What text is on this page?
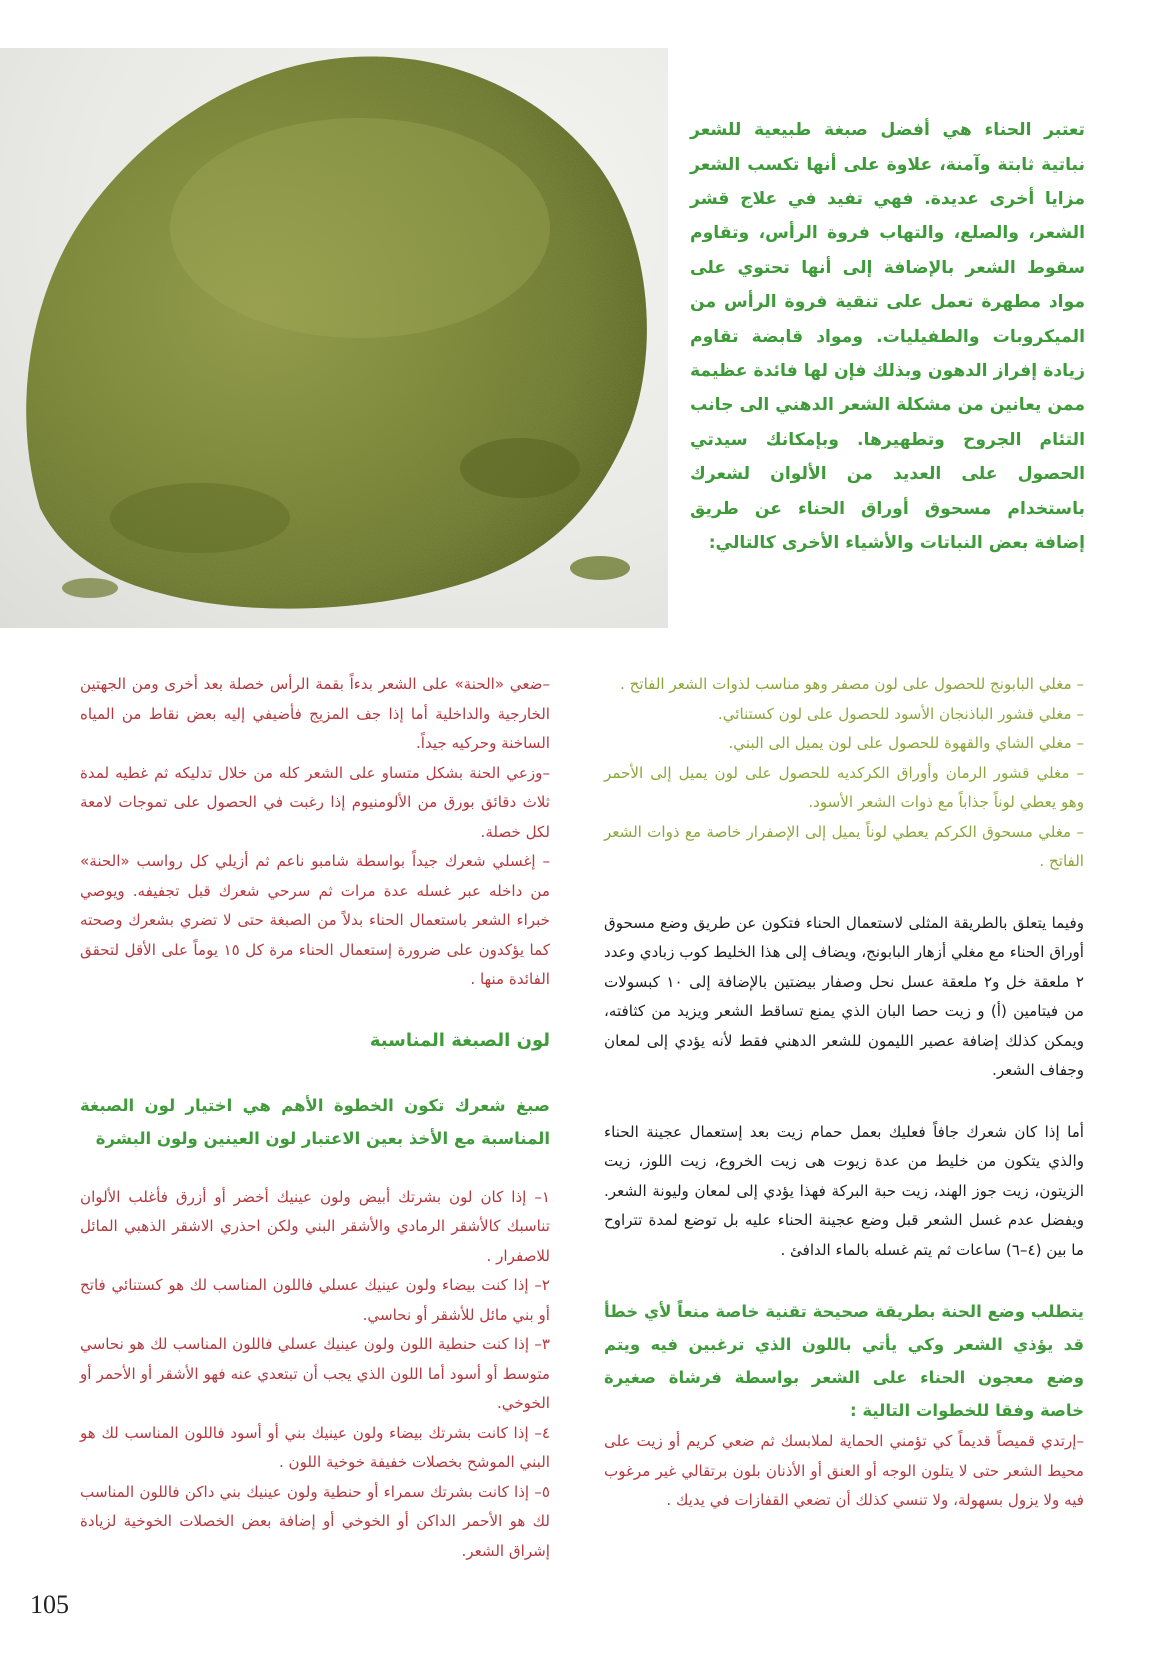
تعتبر الحناء هي أفضل صبغة طبيعية للشعر نباتية ثابتة وآمنة، علاوة على أنها تكسب الشعر مزايا أخرى عديدة. فهي تفيد في علاج قشر الشعر، والصلع، والتهاب فروة الرأس، وتقاوم سقوط الشعر بالإضافة إلى أنها تحتوي على مواد مطهرة تعمل على تنقية فروة الرأس من الميكروبات والطفيليات. ومواد قابضة تقاوم زيادة إفراز الدهون وبذلك فإن لها فائدة عظيمة ممن يعانين من مشكلة الشعر الدهني الى جانب التئام الجروح وتطهيرها. وبإمكانك سيدتي الحصول على العديد من الألوان لشعرك باستخدام مسحوق أوراق الحناء عن طريق إضافة بعض النباتات والأشياء الأخرى كالتالي:

– مغلي البابونج للحصول على لون مصفر وهو مناسب لذوات الشعر الفاتح .

– مغلي قشور الباذنجان الأسود للحصول على لون كستنائي.

– مغلي الشاي والقهوة للحصول على لون يميل الى البني.

– مغلي قشور الرمان وأوراق الكركديه للحصول على لون يميل إلى الأحمر وهو يعطي لوناً جذاباً مع ذوات الشعر الأسود.

– مغلي مسحوق الكركم يعطي لوناً يميل إلى الإصفرار خاصة مع ذوات الشعر الفاتح .

وفيما يتعلق بالطريقة المثلى لاستعمال الحناء فتكون عن طريق وضع مسحوق أوراق الحناء مع مغلي أزهار البابونج، ويضاف إلى هذا الخليط كوب زبادي وعدد ٢ ملعقة خل و٢ ملعقة عسل نحل وصفار بيضتين بالإضافة إلى ١٠ كبسولات من فيتامين (أ) و زيت حصا البان الذي يمنع تساقط الشعر ويزيد من كثافته، ويمكن كذلك إضافة عصير الليمون للشعر الدهني فقط لأنه يؤدي إلى لمعان وجفاف الشعر.

أما إذا كان شعرك جافاً فعليك بعمل حمام زيت بعد إستعمال عجينة الحناء والذي يتكون من خليط من عدة زيوت هى زيت الخروع، زيت اللوز، زيت الزيتون، زيت جوز الهند، زيت حبة البركة فهذا يؤدي إلى لمعان وليونة الشعر. ويفضل عدم غسل الشعر قبل وضع عجينة الحناء عليه بل توضع لمدة تتراوح ما بين (٤–٦) ساعات ثم يتم غسله بالماء الدافئ .

يتطلب وضع الحنة بطريقة صحيحة تقنية خاصة منعاً لأي خطأ قد يؤذي الشعر وكي يأتي باللون الذي ترغبين فيه ويتم وضع معجون الحناء على الشعر بواسطة فرشاة صغيرة خاصة وفقا للخطوات التالية :

–إرتدي قميصاً قديماً كي تؤمني الحماية لملابسك ثم ضعي كريم أو زيت على محيط الشعر حتى لا يتلون الوجه أو العنق أو الأذنان بلون برتقالي غير مرغوب فيه ولا يزول بسهولة، ولا تنسي كذلك أن تضعي القفازات في يديك .

–ضعي «الحنة» على الشعر بدءاً بقمة الرأس خصلة بعد أخرى ومن الجهتين الخارجية والداخلية أما إذا جف المزيج فأضيفي إليه بعض نقاط من المياه الساخنة وحركيه جيداً.

–وزعي الحنة بشكل متساو على الشعر كله من خلال تدليكه ثم غطيه لمدة ثلاث دقائق بورق من الألومنيوم إذا رغبت في الحصول على تموجات لامعة لكل خصلة.

– إغسلي شعرك جيداً بواسطة شامبو ناعم ثم أزيلي كل رواسب «الحنة» من داخله عبر غسله عدة مرات ثم سرحي شعرك قبل تجفيفه. ويوصي خبراء الشعر باستعمال الحناء بدلاً من الصبغة حتى لا تضري بشعرك وصحته كما يؤكدون على ضرورة إستعمال الحناء مرة كل ١٥ يوماً على الأقل لتحقق الفائدة منها .

لون الصبغة المناسبة

صبغ شعرك تكون الخطوة الأهم هي اختيار لون الصبغة المناسبة مع الأخذ بعين الاعتبار لون العينين ولون البشرة

١– إذا كان لون بشرتك أبيض ولون عينيك أخضر أو أزرق فأغلب الألوان تناسبك كالأشقر الرمادي والأشقر البني ولكن احذري الاشقر الذهبي المائل للاصفرار .

٢– إذا كنت بيضاء ولون عينيك عسلي فاللون المناسب لك هو كستنائي فاتح أو بني مائل للأشقر أو نحاسي.

٣– إذا كنت حنطية اللون ولون عينيك عسلي فاللون المناسب لك هو نحاسي متوسط أو أسود أما اللون الذي يجب أن تبتعدي عنه فهو الأشقر أو الأحمر أو الخوخي.

٤– إذا كانت بشرتك بيضاء ولون عينيك بني أو أسود فاللون المناسب لك هو البني الموشح بخصلات خفيفة خوخية اللون .

٥– إذا كانت بشرتك سمراء أو حنطية ولون عينيك بني داكن فاللون المناسب لك هو الأحمر الداكن أو الخوخي أو إضافة بعض الخصلات الخوخية لزيادة إشراق الشعر.

105
